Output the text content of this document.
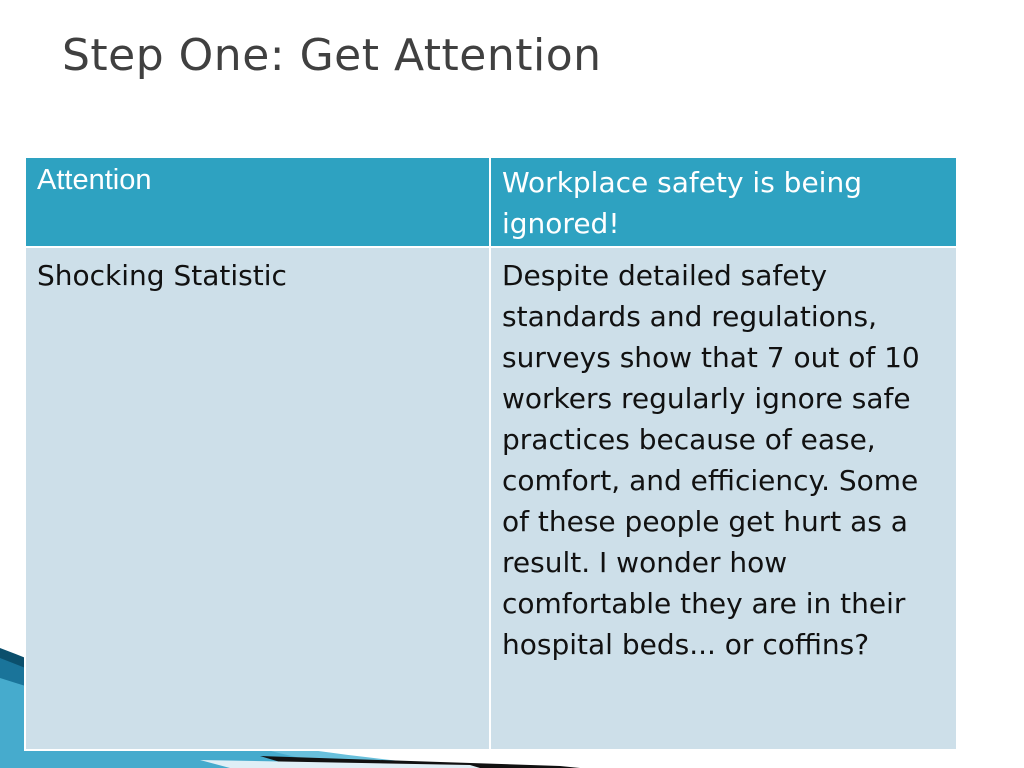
Step One: Get Attention
Attention	Workplace safety is being ignored!
Shocking Statistic	Despite detailed safety standards and regulations, surveys show that 7 out of 10 workers regularly ignore safe practices because of ease, comfort, and efficiency. Some of these people get hurt as a result. I wonder how comfortable they are in their hospital beds... or coffins?
